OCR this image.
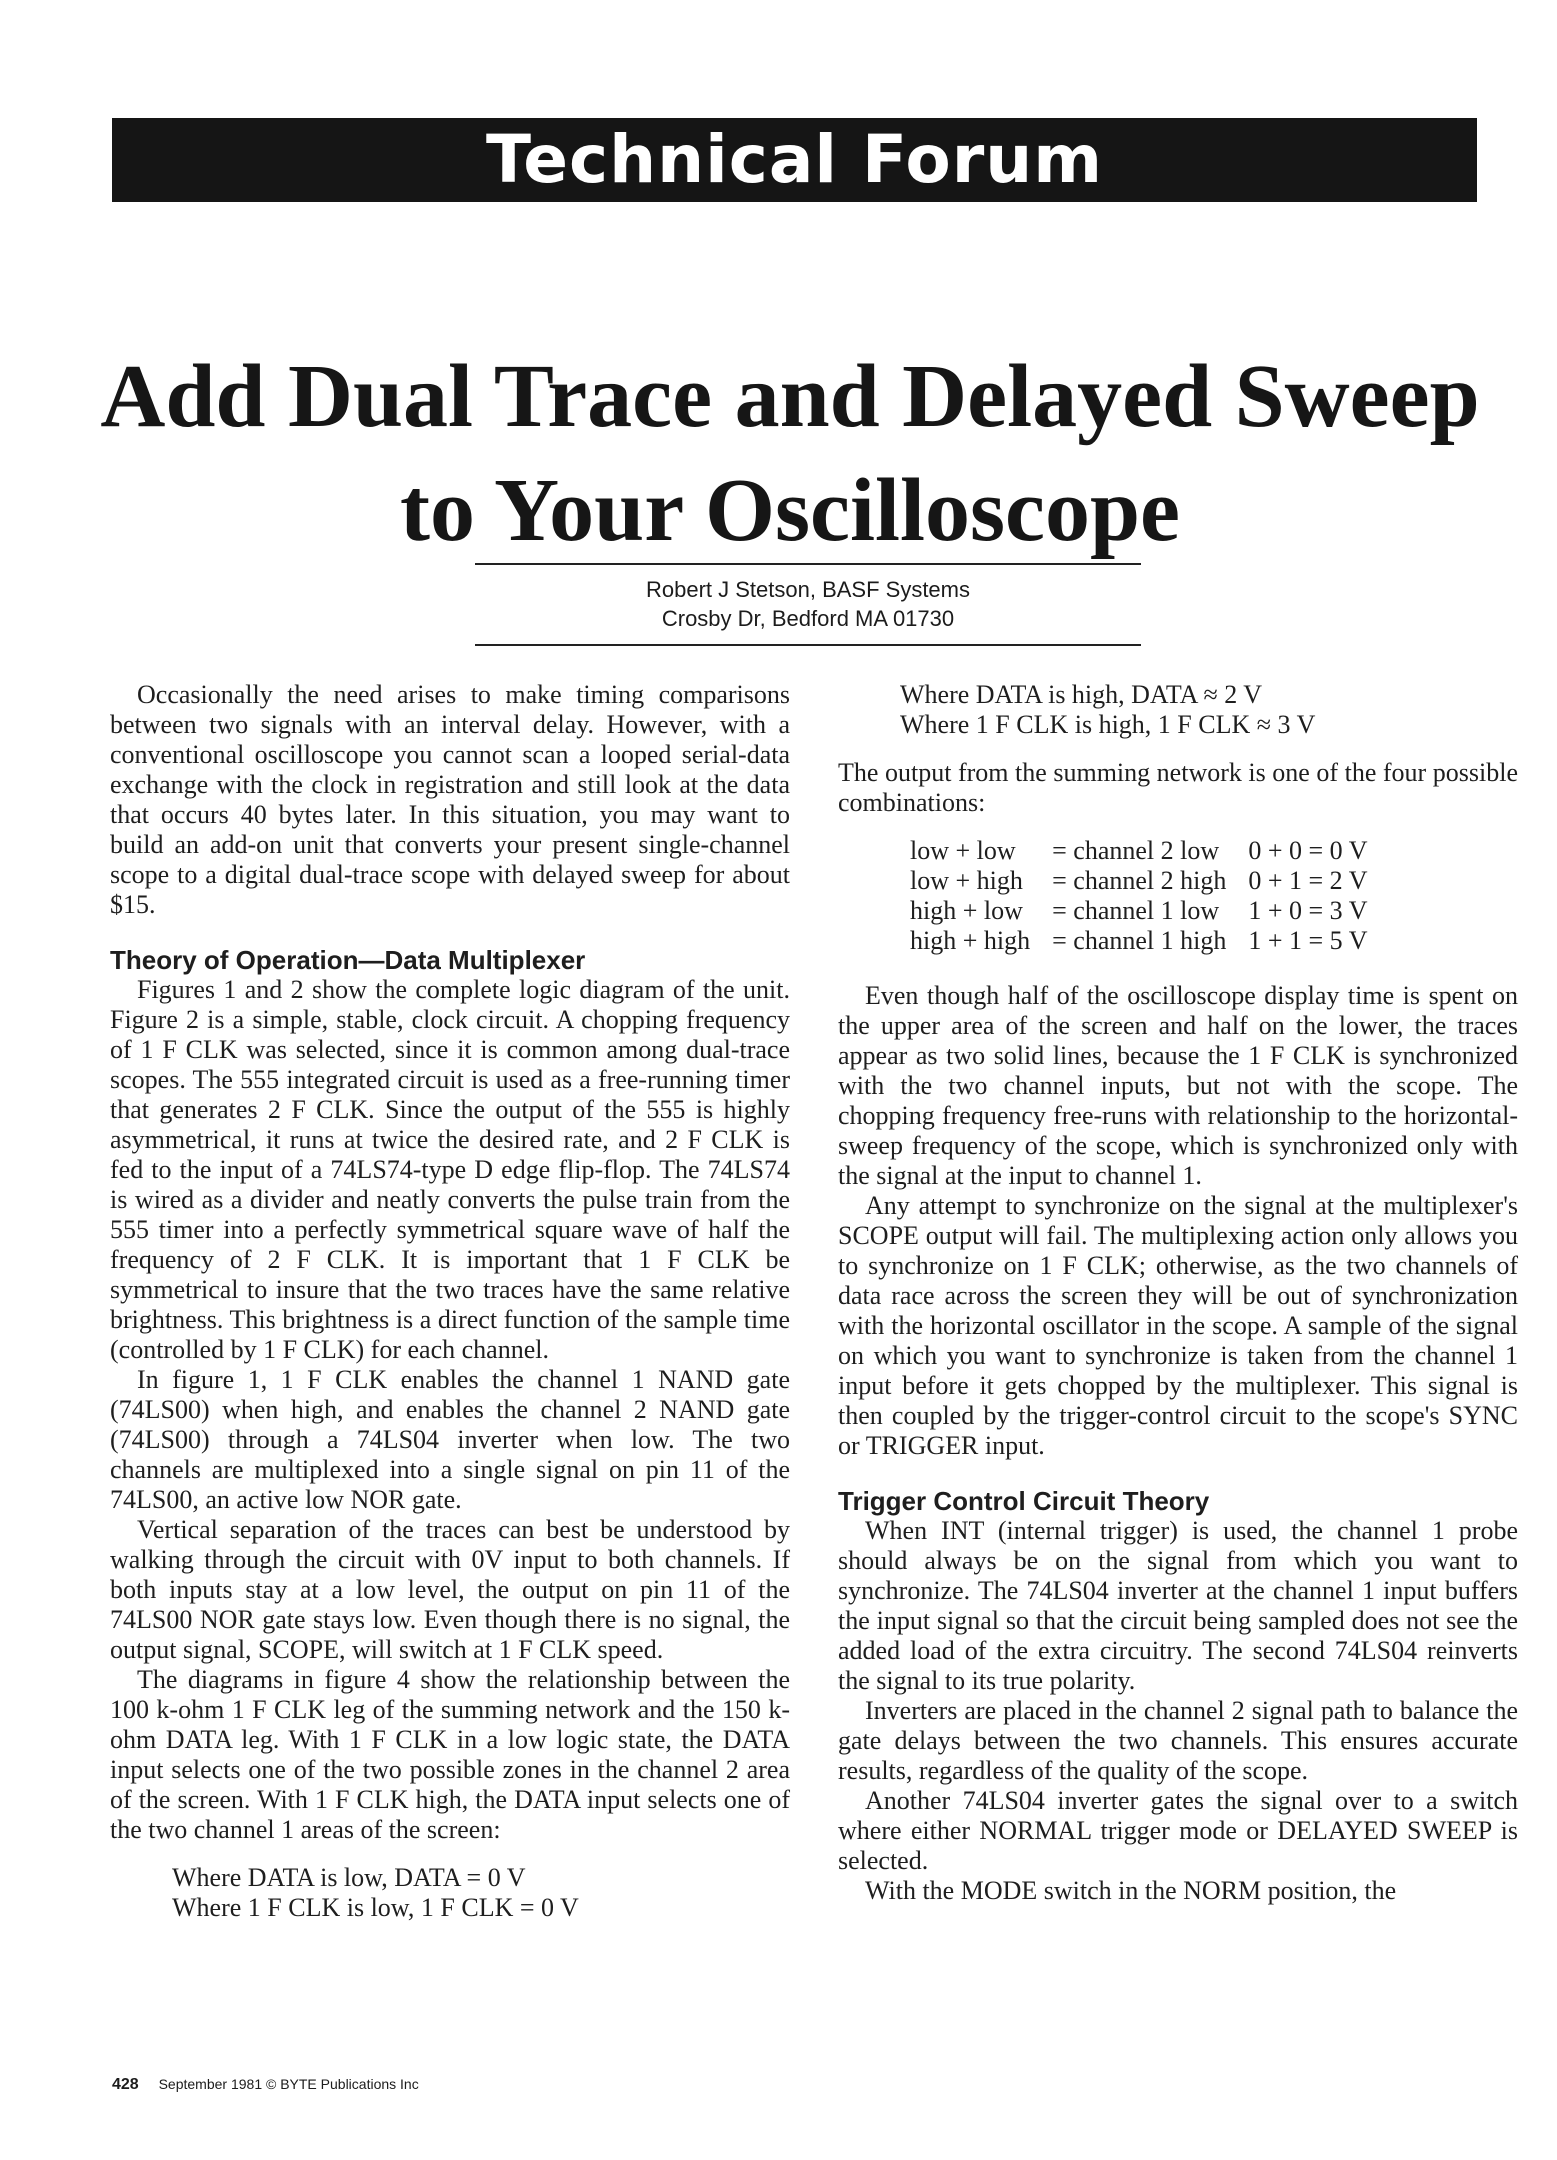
Technical Forum
Add Dual Trace and Delayed Sweep
to Your Oscilloscope
Robert J Stetson, BASF Systems
Crosby Dr, Bedford MA 01730

Occasionally the need arises to make timing comparisons between two signals with an interval delay. However, with a conventional oscilloscope you cannot scan a looped serial-data exchange with the clock in registration and still look at the data that occurs 40 bytes later. In this situation, you may want to build an add-on unit that converts your present single-channel scope to a digital dual-trace scope with delayed sweep for about $15.

Theory of Operation—Data Multiplexer

Figures 1 and 2 show the complete logic diagram of the unit. Figure 2 is a simple, stable, clock circuit. A chopping frequency of 1 F CLK was selected, since it is common among dual-trace scopes. The 555 integrated circuit is used as a free-running timer that generates 2 F CLK. Since the output of the 555 is highly asymmetrical, it runs at twice the desired rate, and 2 F CLK is fed to the input of a 74LS74-type D edge flip-flop. The 74LS74 is wired as a divider and neatly converts the pulse train from the 555 timer into a perfectly symmetrical square wave of half the frequency of 2 F CLK. It is important that 1 F CLK be symmetrical to insure that the two traces have the same relative brightness. This brightness is a direct function of the sample time (controlled by 1 F CLK) for each channel.

In figure 1, 1 F CLK enables the channel 1 NAND gate (74LS00) when high, and enables the channel 2 NAND gate (74LS00) through a 74LS04 inverter when low. The two channels are multiplexed into a single signal on pin 11 of the 74LS00, an active low NOR gate.

Vertical separation of the traces can best be understood by walking through the circuit with 0V input to both channels. If both inputs stay at a low level, the output on pin 11 of the 74LS00 NOR gate stays low. Even though there is no signal, the output signal, SCOPE, will switch at 1 F CLK speed.

The diagrams in figure 4 show the relationship between the 100 k-ohm 1 F CLK leg of the summing network and the 150 k-ohm DATA leg. With 1 F CLK in a low logic state, the DATA input selects one of the two possible zones in the channel 2 area of the screen. With 1 F CLK high, the DATA input selects one of the two channel 1 areas of the screen:

Where DATA is low, DATA = 0 V
Where 1 F CLK is low, 1 F CLK = 0 V
Where DATA is high, DATA ≈ 2 V
Where 1 F CLK is high, 1 F CLK ≈ 3 V

The output from the summing network is one of the four possible combinations:

low + low	= channel 2 low	0 + 0 = 0 V
low + high	= channel 2 high	0 + 1 = 2 V
high + low	= channel 1 low	1 + 0 = 3 V
high + high	= channel 1 high	1 + 1 = 5 V

Even though half of the oscilloscope display time is spent on the upper area of the screen and half on the lower, the traces appear as two solid lines, because the 1 F CLK is synchronized with the two channel inputs, but not with the scope. The chopping frequency free-runs with relationship to the horizontal-sweep frequency of the scope, which is synchronized only with the signal at the input to channel 1.

Any attempt to synchronize on the signal at the multiplexer's SCOPE output will fail. The multiplexing action only allows you to synchronize on 1 F CLK; otherwise, as the two channels of data race across the screen they will be out of synchronization with the horizontal oscillator in the scope. A sample of the signal on which you want to synchronize is taken from the channel 1 input before it gets chopped by the multiplexer. This signal is then coupled by the trigger-control circuit to the scope's SYNC or TRIGGER input.

Trigger Control Circuit Theory

When INT (internal trigger) is used, the channel 1 probe should always be on the signal from which you want to synchronize. The 74LS04 inverter at the channel 1 input buffers the input signal so that the circuit being sampled does not see the added load of the extra circuitry. The second 74LS04 reinverts the signal to its true polarity.

Inverters are placed in the channel 2 signal path to balance the gate delays between the two channels. This ensures accurate results, regardless of the quality of the scope.

Another 74LS04 inverter gates the signal over to a switch where either NORMAL trigger mode or DELAYED SWEEP is selected.

With the MODE switch in the NORM position, the

428 September 1981 © BYTE Publications Inc
